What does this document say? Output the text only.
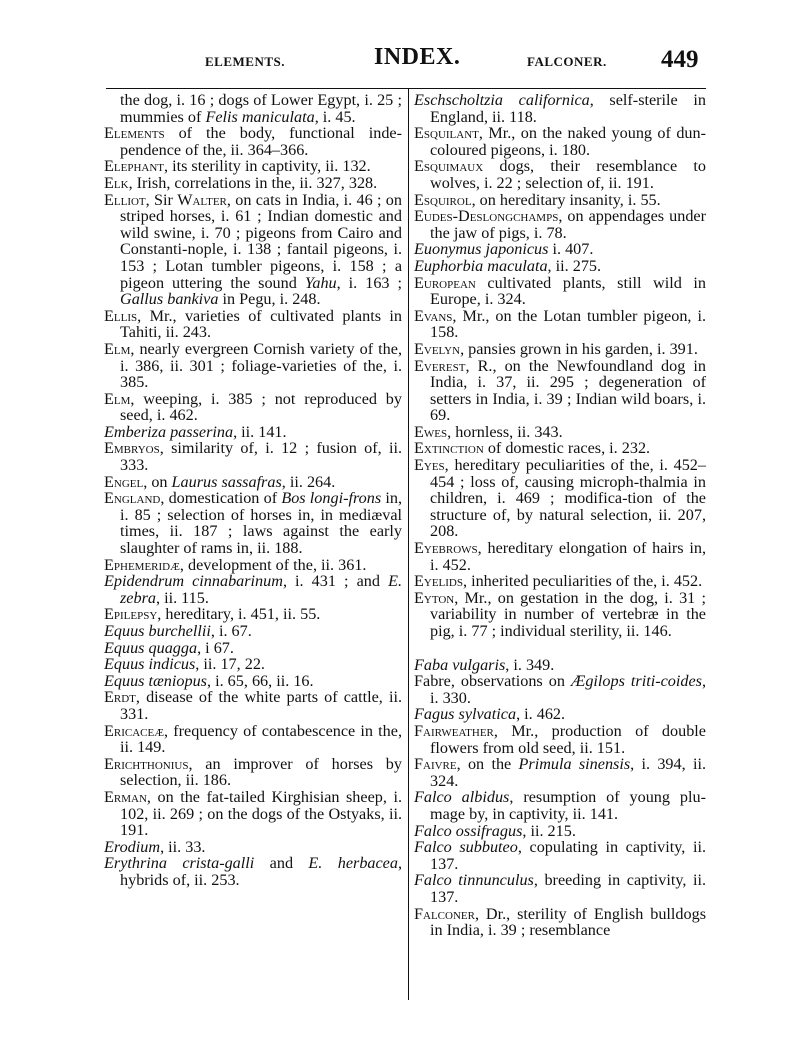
ELEMENTS.	INDEX.	FALCONER. 449

the dog, i. 16 ; dogs of Lower Egypt, i. 25 ; mummies of Felis maniculata, i. 45.

Elements of the body, functional inde-pendence of the, ii. 364–366.

Elephant, its sterility in captivity, ii. 132.

Elk, Irish, correlations in the, ii. 327, 328.

Elliot, Sir Walter, on cats in India, i. 46 ; on striped horses, i. 61 ; Indian domestic and wild swine, i. 70 ; pigeons from Cairo and Constanti-nople, i. 138 ; fantail pigeons, i. 153 ; Lotan tumbler pigeons, i. 158 ; a pigeon uttering the sound Yahu, i. 163 ; Gallus bankiva in Pegu, i. 248.

Ellis, Mr., varieties of cultivated plants in Tahiti, ii. 243.

Elm, nearly evergreen Cornish variety of the, i. 386, ii. 301 ; foliage-varieties of the, i. 385.

Elm, weeping, i. 385 ; not reproduced by seed, i. 462.

Emberiza passerina, ii. 141.

Embryos, similarity of, i. 12 ; fusion of, ii. 333.

Engel, on Laurus sassafras, ii. 264.

England, domestication of Bos longi-frons in, i. 85 ; selection of horses in, in mediæval times, ii. 187 ; laws against the early slaughter of rams in, ii. 188.

Ephemeridæ, development of the, ii. 361.

Epidendrum cinnabarinum, i. 431 ; and E. zebra, ii. 115.

Epilepsy, hereditary, i. 451, ii. 55.

Equus burchellii, i. 67.

Equus quagga, i 67.

Equus indicus, ii. 17, 22.

Equus tæniopus, i. 65, 66, ii. 16.

Erdt, disease of the white parts of cattle, ii. 331.

Ericaceæ, frequency of contabescence in the, ii. 149.

Erichthonius, an improver of horses by selection, ii. 186.

Erman, on the fat-tailed Kirghisian sheep, i. 102, ii. 269 ; on the dogs of the Ostyaks, ii. 191.

Erodium, ii. 33.

Erythrina crista-galli and E. herbacea, hybrids of, ii. 253.

Eschscholtzia californica, self-sterile in England, ii. 118.

Esquilant, Mr., on the naked young of dun-coloured pigeons, i. 180.

Esquimaux dogs, their resemblance to wolves, i. 22 ; selection of, ii. 191.

Esquirol, on hereditary insanity, i. 55.

Eudes-Deslongchamps, on appendages under the jaw of pigs, i. 78.

Euonymus japonicus i. 407.

Euphorbia maculata, ii. 275.

European cultivated plants, still wild in Europe, i. 324.

Evans, Mr., on the Lotan tumbler pigeon, i. 158.

Evelyn, pansies grown in his garden, i. 391.

Everest, R., on the Newfoundland dog in India, i. 37, ii. 295 ; degeneration of setters in India, i. 39 ; Indian wild boars, i. 69.

Ewes, hornless, ii. 343.

Extinction of domestic races, i. 232.

Eyes, hereditary peculiarities of the, i. 452–454 ; loss of, causing microph-thalmia in children, i. 469 ; modifica-tion of the structure of, by natural selection, ii. 207, 208.

Eyebrows, hereditary elongation of hairs in, i. 452.

Eyelids, inherited peculiarities of the, i. 452.

Eyton, Mr., on gestation in the dog, i. 31 ; variability in number of vertebræ in the pig, i. 77 ; individual sterility, ii. 146.

Faba vulgaris, i. 349.

Fabre, observations on Ægilops triti-coides, i. 330.

Fagus sylvatica, i. 462.

Fairweather, Mr., production of double flowers from old seed, ii. 151.

Faivre, on the Primula sinensis, i. 394, ii. 324.

Falco albidus, resumption of young plu-mage by, in captivity, ii. 141.

Falco ossifragus, ii. 215.

Falco subbuteo, copulating in captivity, ii. 137.

Falco tinnunculus, breeding in captivity, ii. 137.

Falconer, Dr., sterility of English bulldogs in India, i. 39 ; resemblance
